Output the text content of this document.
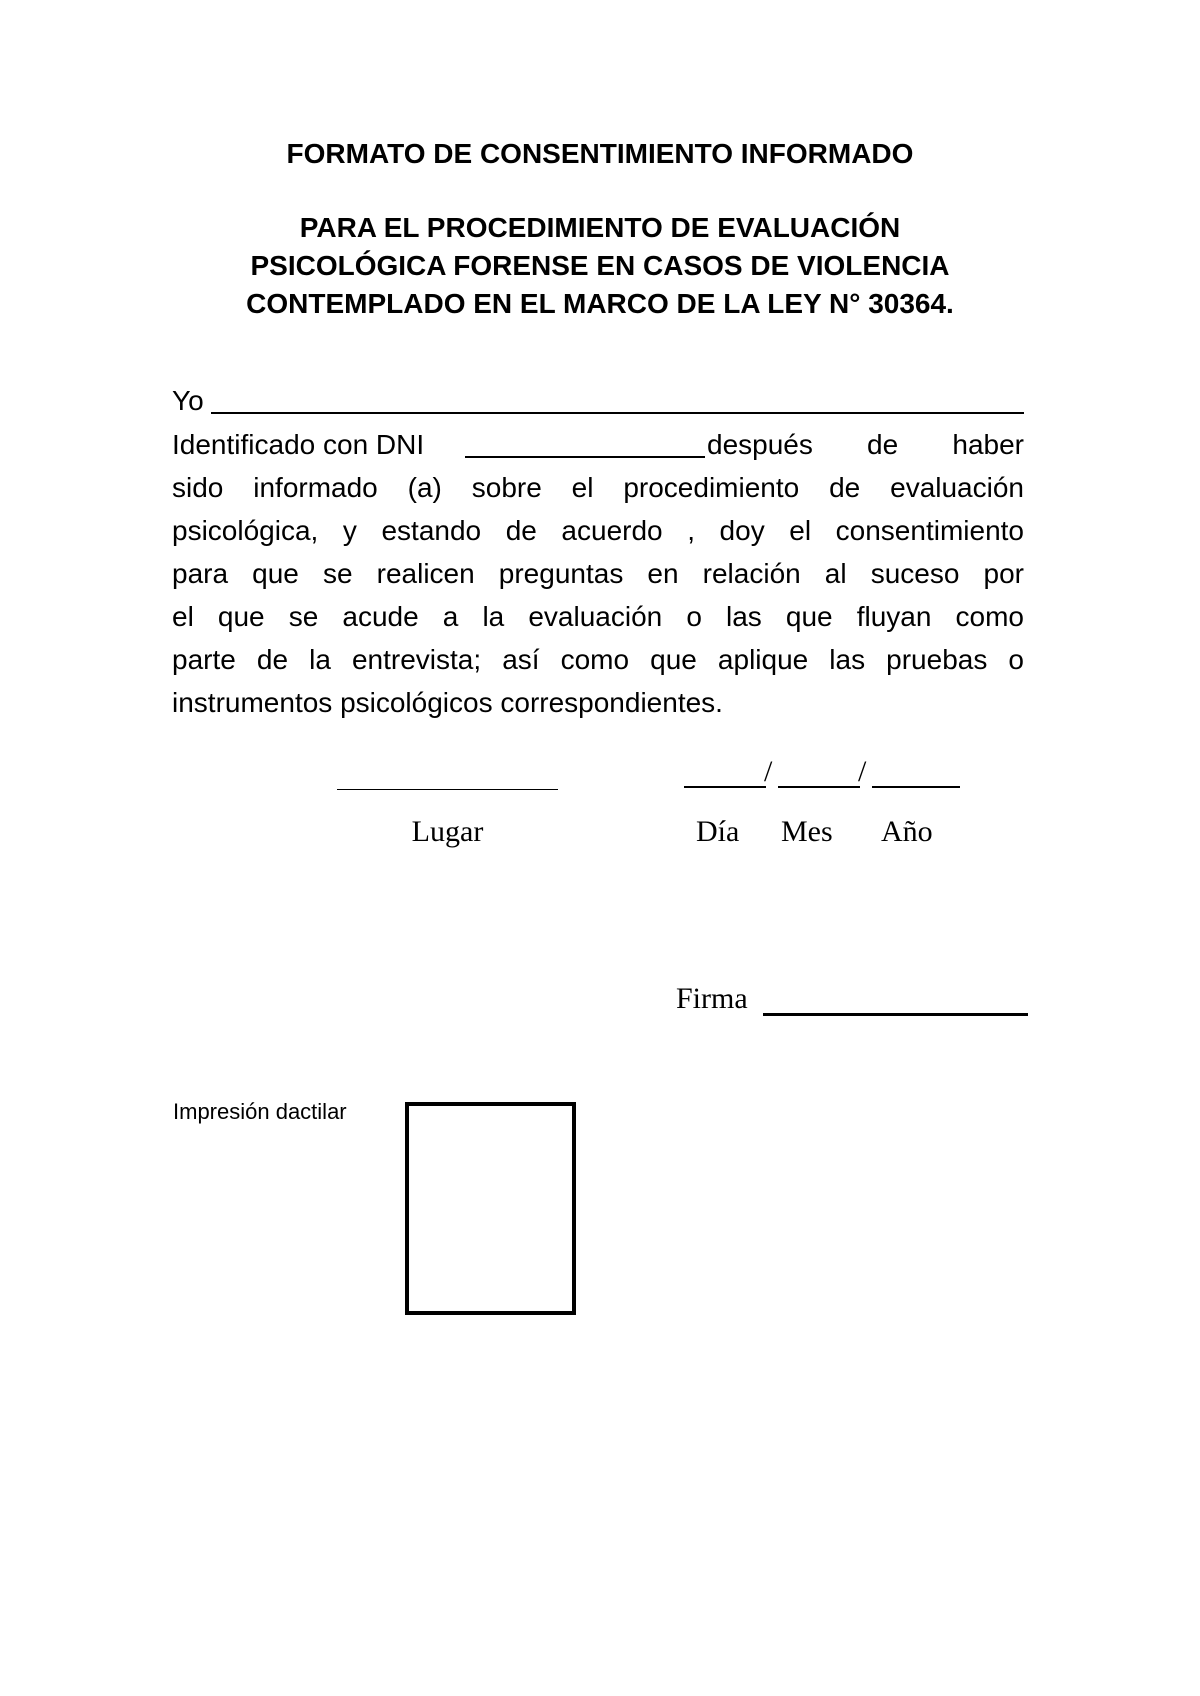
FORMATO DE CONSENTIMIENTO INFORMADO
PARA EL PROCEDIMIENTO DE EVALUACIÓN
PSICOLÓGICA FORENSE EN CASOS DE VIOLENCIA
CONTEMPLADO EN EL MARCO DE LA LEY N° 30364.
Yo
Identificado con DNI	después de haber
sido informado (a) sobre el procedimiento de evaluación
psicológica, y estando de acuerdo , doy el consentimiento
para que se realicen preguntas en relación al suceso por
el que se acude a la evaluación o las que fluyan como
parte de la entrevista; así como que aplique las pruebas o
instrumentos psicológicos correspondientes.
Lugar
/	/
Día Mes Año
Firma
Impresión dactilar
